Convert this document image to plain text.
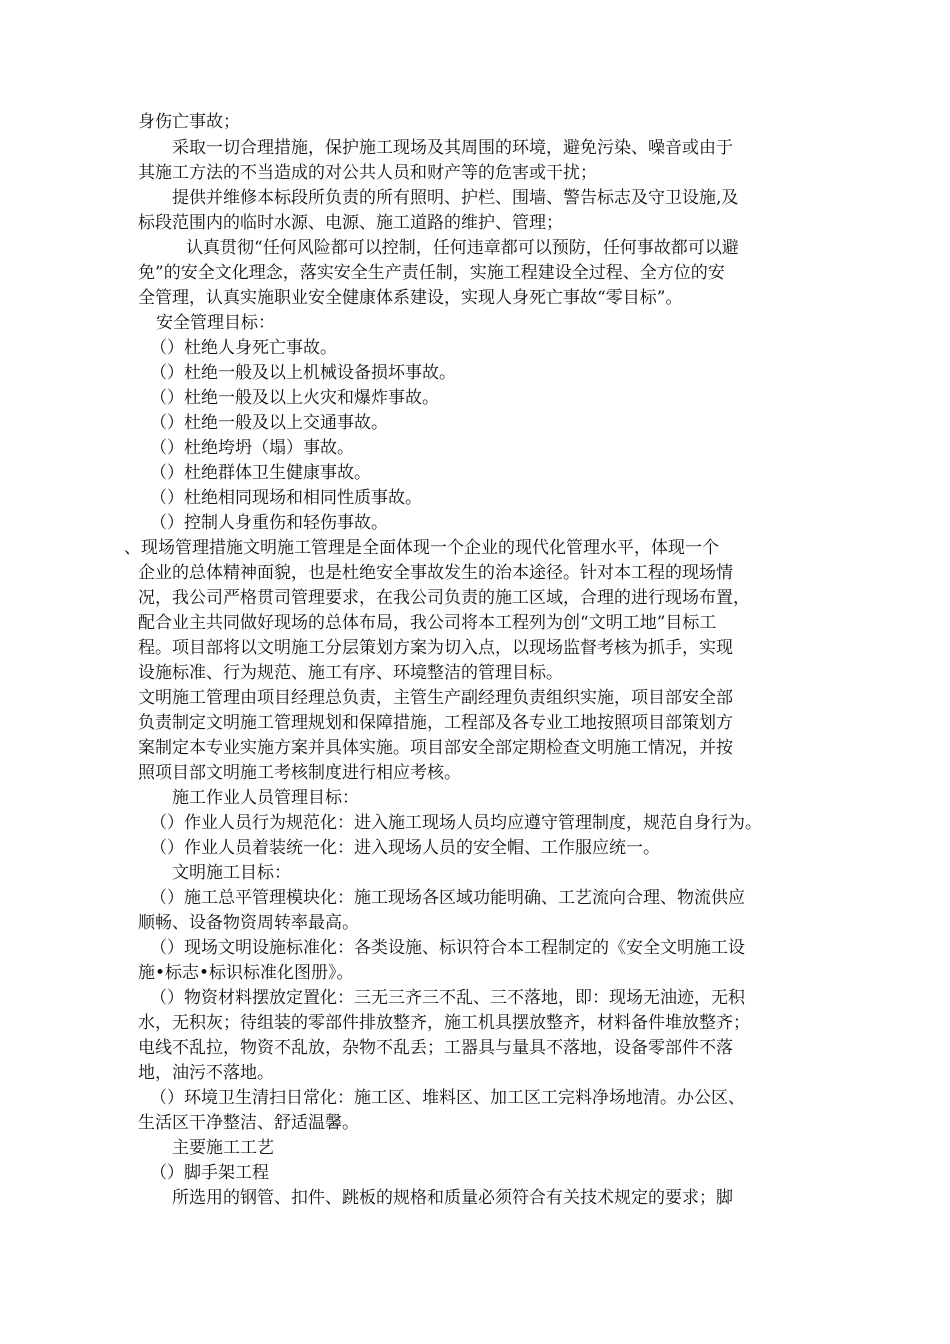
身伤亡事故；
采取一切合理措施，保护施工现场及其周围的环境，避免污染、噪音或由于
其施工方法的不当造成的对公共人员和财产等的危害或干扰；
提供并维修本标段所负责的所有照明、护栏、围墙、警告标志及守卫设施,及
标段范围内的临时水源、电源、施工道路的维护、管理；
认真贯彻“任何风险都可以控制，任何违章都可以预防，任何事故都可以避
免”的安全文化理念，落实安全生产责任制，实施工程建设全过程、全方位的安
全管理，认真实施职业安全健康体系建设，实现人身死亡事故“零目标”。
安全管理目标：
（）杜绝人身死亡事故。
（）杜绝一般及以上机械设备损坏事故。
（）杜绝一般及以上火灾和爆炸事故。
（）杜绝一般及以上交通事故。
（）杜绝垮坍（塌）事故。
（）杜绝群体卫生健康事故。
（）杜绝相同现场和相同性质事故。
（）控制人身重伤和轻伤事故。
、现场管理措施文明施工管理是全面体现一个企业的现代化管理水平，体现一个
企业的总体精神面貌，也是杜绝安全事故发生的治本途径。针对本工程的现场情
况，我公司严格贯司管理要求，在我公司负责的施工区域，合理的进行现场布置，
配合业主共同做好现场的总体布局，我公司将本工程列为创“文明工地”目标工
程。项目部将以文明施工分层策划方案为切入点，以现场监督考核为抓手，实现
设施标准、行为规范、施工有序、环境整洁的管理目标。
文明施工管理由项目经理总负责，主管生产副经理负责组织实施，项目部安全部
负责制定文明施工管理规划和保障措施，工程部及各专业工地按照项目部策划方
案制定本专业实施方案并具体实施。项目部安全部定期检查文明施工情况，并按
照项目部文明施工考核制度进行相应考核。
施工作业人员管理目标：
（）作业人员行为规范化：进入施工现场人员均应遵守管理制度，规范自身行为。
（）作业人员着装统一化：进入现场人员的安全帽、工作服应统一。
文明施工目标：
（）施工总平管理模块化：施工现场各区域功能明确、工艺流向合理、物流供应
顺畅、设备物资周转率最高。
（）现场文明设施标准化：各类设施、标识符合本工程制定的《安全文明施工设
施•标志•标识标准化图册》。
（）物资材料摆放定置化：三无三齐三不乱、三不落地，即：现场无油迹，无积
水，无积灰；待组装的零部件排放整齐，施工机具摆放整齐，材料备件堆放整齐；
电线不乱拉，物资不乱放，杂物不乱丢；工器具与量具不落地，设备零部件不落
地，油污不落地。
（）环境卫生清扫日常化：施工区、堆料区、加工区工完料净场地清。办公区、
生活区干净整洁、舒适温馨。
主要施工工艺
（）脚手架工程
所选用的钢管、扣件、跳板的规格和质量必须符合有关技术规定的要求；脚
